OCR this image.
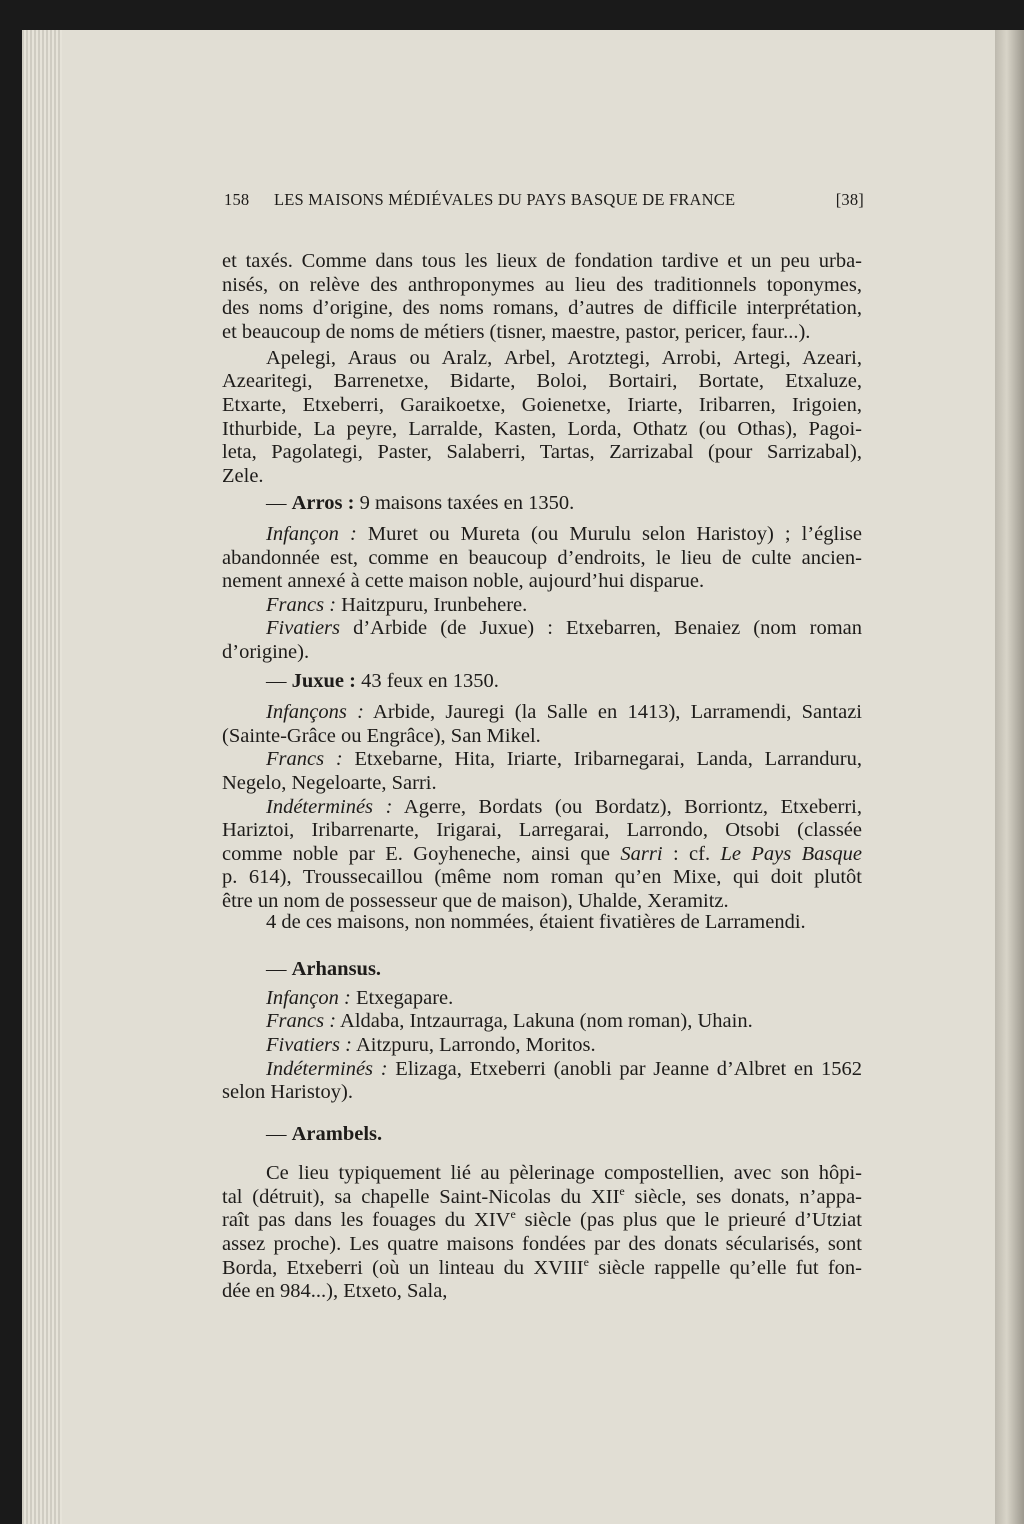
158	LES MAISONS MÉDIÉVALES DU PAYS BASQUE DE FRANCE	[38]
et taxés. Comme dans tous les lieux de fondation tardive et un peu urba-
nisés, on relève des anthroponymes au lieu des traditionnels toponymes,
des noms d’origine, des noms romans, d’autres de difficile interprétation,
et beaucoup de noms de métiers (tisner, maestre, pastor, pericer, faur...).
Apelegi, Araus ou Aralz, Arbel, Arotztegi, Arrobi, Artegi, Azeari,
Azearitegi, Barrenetxe, Bidarte, Boloi, Bortairi, Bortate, Etxaluze,
Etxarte, Etxeberri, Garaikoetxe, Goienetxe, Iriarte, Iribarren, Irigoien,
Ithurbide, La peyre, Larralde, Kasten, Lorda, Othatz (ou Othas), Pagoi-
leta, Pagolategi, Paster, Salaberri, Tartas, Zarrizabal (pour Sarrizabal),
Zele.
— Arros : 9 maisons taxées en 1350.
Infançon : Muret ou Mureta (ou Murulu selon Haristoy) ; l’église
abandonnée est, comme en beaucoup d’endroits, le lieu de culte ancien-
nement annexé à cette maison noble, aujourd’hui disparue.
Francs : Haitzpuru, Irunbehere.
Fivatiers d’Arbide (de Juxue) : Etxebarren, Benaiez (nom roman
d’origine).
— Juxue : 43 feux en 1350.
Infançons : Arbide, Jauregi (la Salle en 1413), Larramendi, Santazi
(Sainte-Grâce ou Engrâce), San Mikel.
Francs : Etxebarne, Hita, Iriarte, Iribarnegarai, Landa, Larranduru,
Negelo, Negeloarte, Sarri.
Indéterminés : Agerre, Bordats (ou Bordatz), Borriontz, Etxeberri,
Hariztoi, Iribarrenarte, Irigarai, Larregarai, Larrondo, Otsobi (classée
comme noble par E. Goyheneche, ainsi que Sarri : cf. Le Pays Basque
p. 614), Troussecaillou (même nom roman qu’en Mixe, qui doit plutôt
être un nom de possesseur que de maison), Uhalde, Xeramitz.
4 de ces maisons, non nommées, étaient fivatières de Larramendi.
— Arhansus.
Infançon : Etxegapare.
Francs : Aldaba, Intzaurraga, Lakuna (nom roman), Uhain.
Fivatiers : Aitzpuru, Larrondo, Moritos.
Indéterminés : Elizaga, Etxeberri (anobli par Jeanne d’Albret en 1562
selon Haristoy).
— Arambels.
Ce lieu typiquement lié au pèlerinage compostellien, avec son hôpi-
tal (détruit), sa chapelle Saint-Nicolas du XIIe siècle, ses donats, n’appa-
raît pas dans les fouages du XIVe siècle (pas plus que le prieuré d’Utziat
assez proche). Les quatre maisons fondées par des donats sécularisés, sont
Borda, Etxeberri (où un linteau du XVIIIe siècle rappelle qu’elle fut fon-
dée en 984...), Etxeto, Sala,
